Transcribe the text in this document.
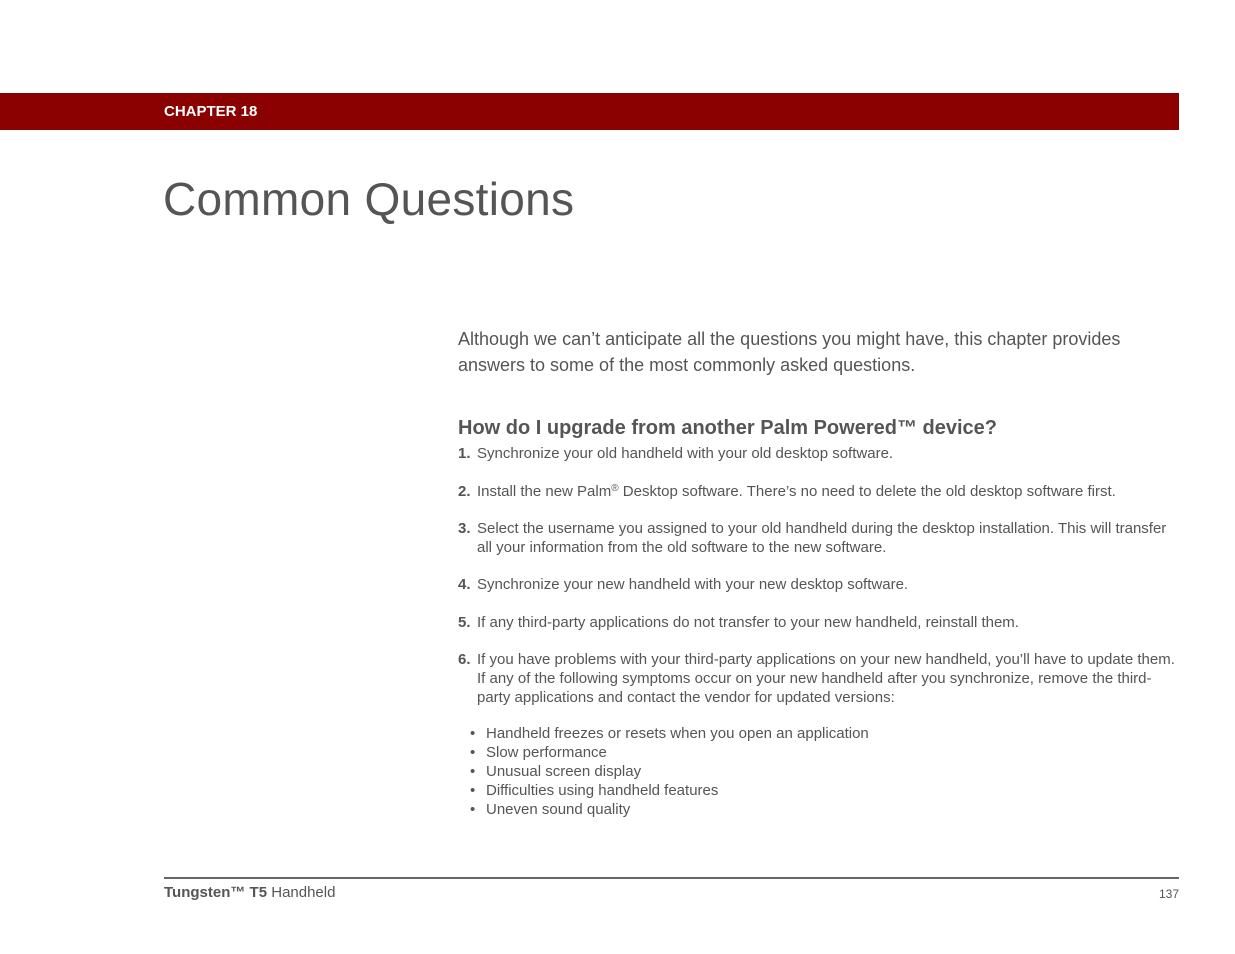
CHAPTER 18
Common Questions

Although we can’t anticipate all the questions you might have, this chapter provides answers to some of the most commonly asked questions.

How do I upgrade from another Palm Powered™ device?
1. Synchronize your old handheld with your old desktop software.
2. Install the new Palm® Desktop software. There’s no need to delete the old desktop software first.
3. Select the username you assigned to your old handheld during the desktop installation. This will transfer all your information from the old software to the new software.
4. Synchronize your new handheld with your new desktop software.
5. If any third-party applications do not transfer to your new handheld, reinstall them.
6. If you have problems with your third-party applications on your new handheld, you’ll have to update them. If any of the following symptoms occur on your new handheld after you synchronize, remove the third-party applications and contact the vendor for updated versions:
• Handheld freezes or resets when you open an application
• Slow performance
• Unusual screen display
• Difficulties using handheld features
• Uneven sound quality
Tungsten™ T5 Handheld	137
